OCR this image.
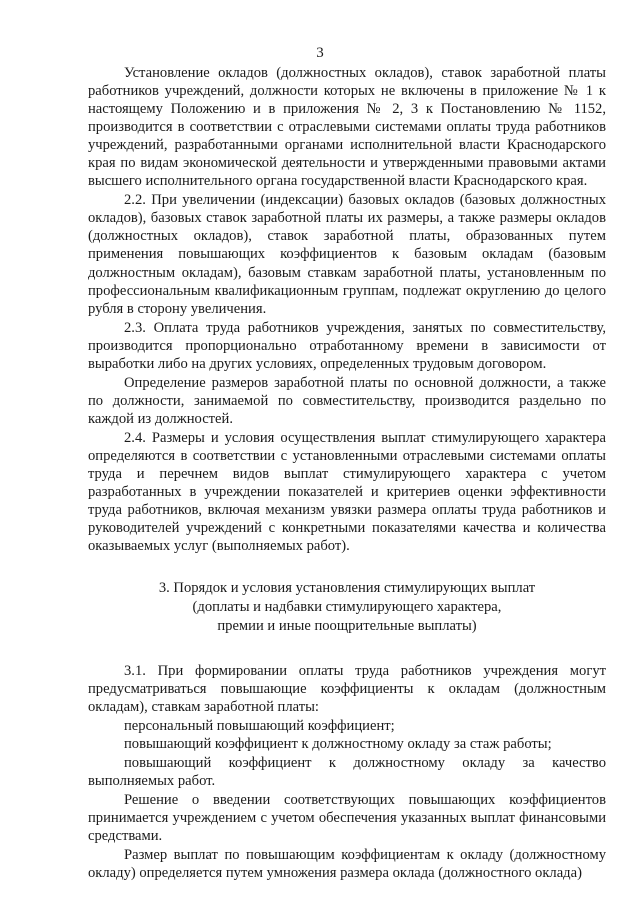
3

Установление окладов (должностных окладов), ставок заработной платы работников учреждений, должности которых не включены в приложение № 1 к настоящему Положению и в приложения № 2, 3 к Постановлению № 1152, производится в соответствии с отраслевыми системами оплаты труда работников учреждений, разработанными органами исполнительной власти Краснодарского края по видам экономической деятельности и утвержденными правовыми актами высшего исполнительного органа государственной власти Краснодарского края.

2.2. При увеличении (индексации) базовых окладов (базовых должностных окладов), базовых ставок заработной платы их размеры, а также размеры окладов (должностных окладов), ставок заработной платы, образованных путем применения повышающих коэффициентов к базовым окладам (базовым должностным окладам), базовым ставкам заработной платы, установленным по профессиональным квалификационным группам, подлежат округлению до целого рубля в сторону увеличения.

2.3. Оплата труда работников учреждения, занятых по совместительству, производится пропорционально отработанному времени в зависимости от выработки либо на других условиях, определенных трудовым договором.

Определение размеров заработной платы по основной должности, а также по должности, занимаемой по совместительству, производится раздельно по каждой из должностей.

2.4. Размеры и условия осуществления выплат стимулирующего характера определяются в соответствии с установленными отраслевыми системами оплаты труда и перечнем видов выплат стимулирующего характера с учетом разработанных в учреждении показателей и критериев оценки эффективности труда работников, включая механизм увязки размера оплаты труда работников и руководителей учреждений с конкретными показателями качества и количества оказываемых услуг (выполняемых работ).

3. Порядок и условия установления стимулирующих выплат
(доплаты и надбавки стимулирующего характера,
премии и иные поощрительные выплаты)

3.1. При формировании оплаты труда работников учреждения могут предусматриваться повышающие коэффициенты к окладам (должностным окладам), ставкам заработной платы:

персональный повышающий коэффициент;

повышающий коэффициент к должностному окладу за стаж работы;

повышающий коэффициент к должностному окладу за качество выполняемых работ.

Решение о введении соответствующих повышающих коэффициентов принимается учреждением с учетом обеспечения указанных выплат финансовыми средствами.

Размер выплат по повышающим коэффициентам к окладу (должностному окладу) определяется путем умножения размера оклада (должностного оклада)
